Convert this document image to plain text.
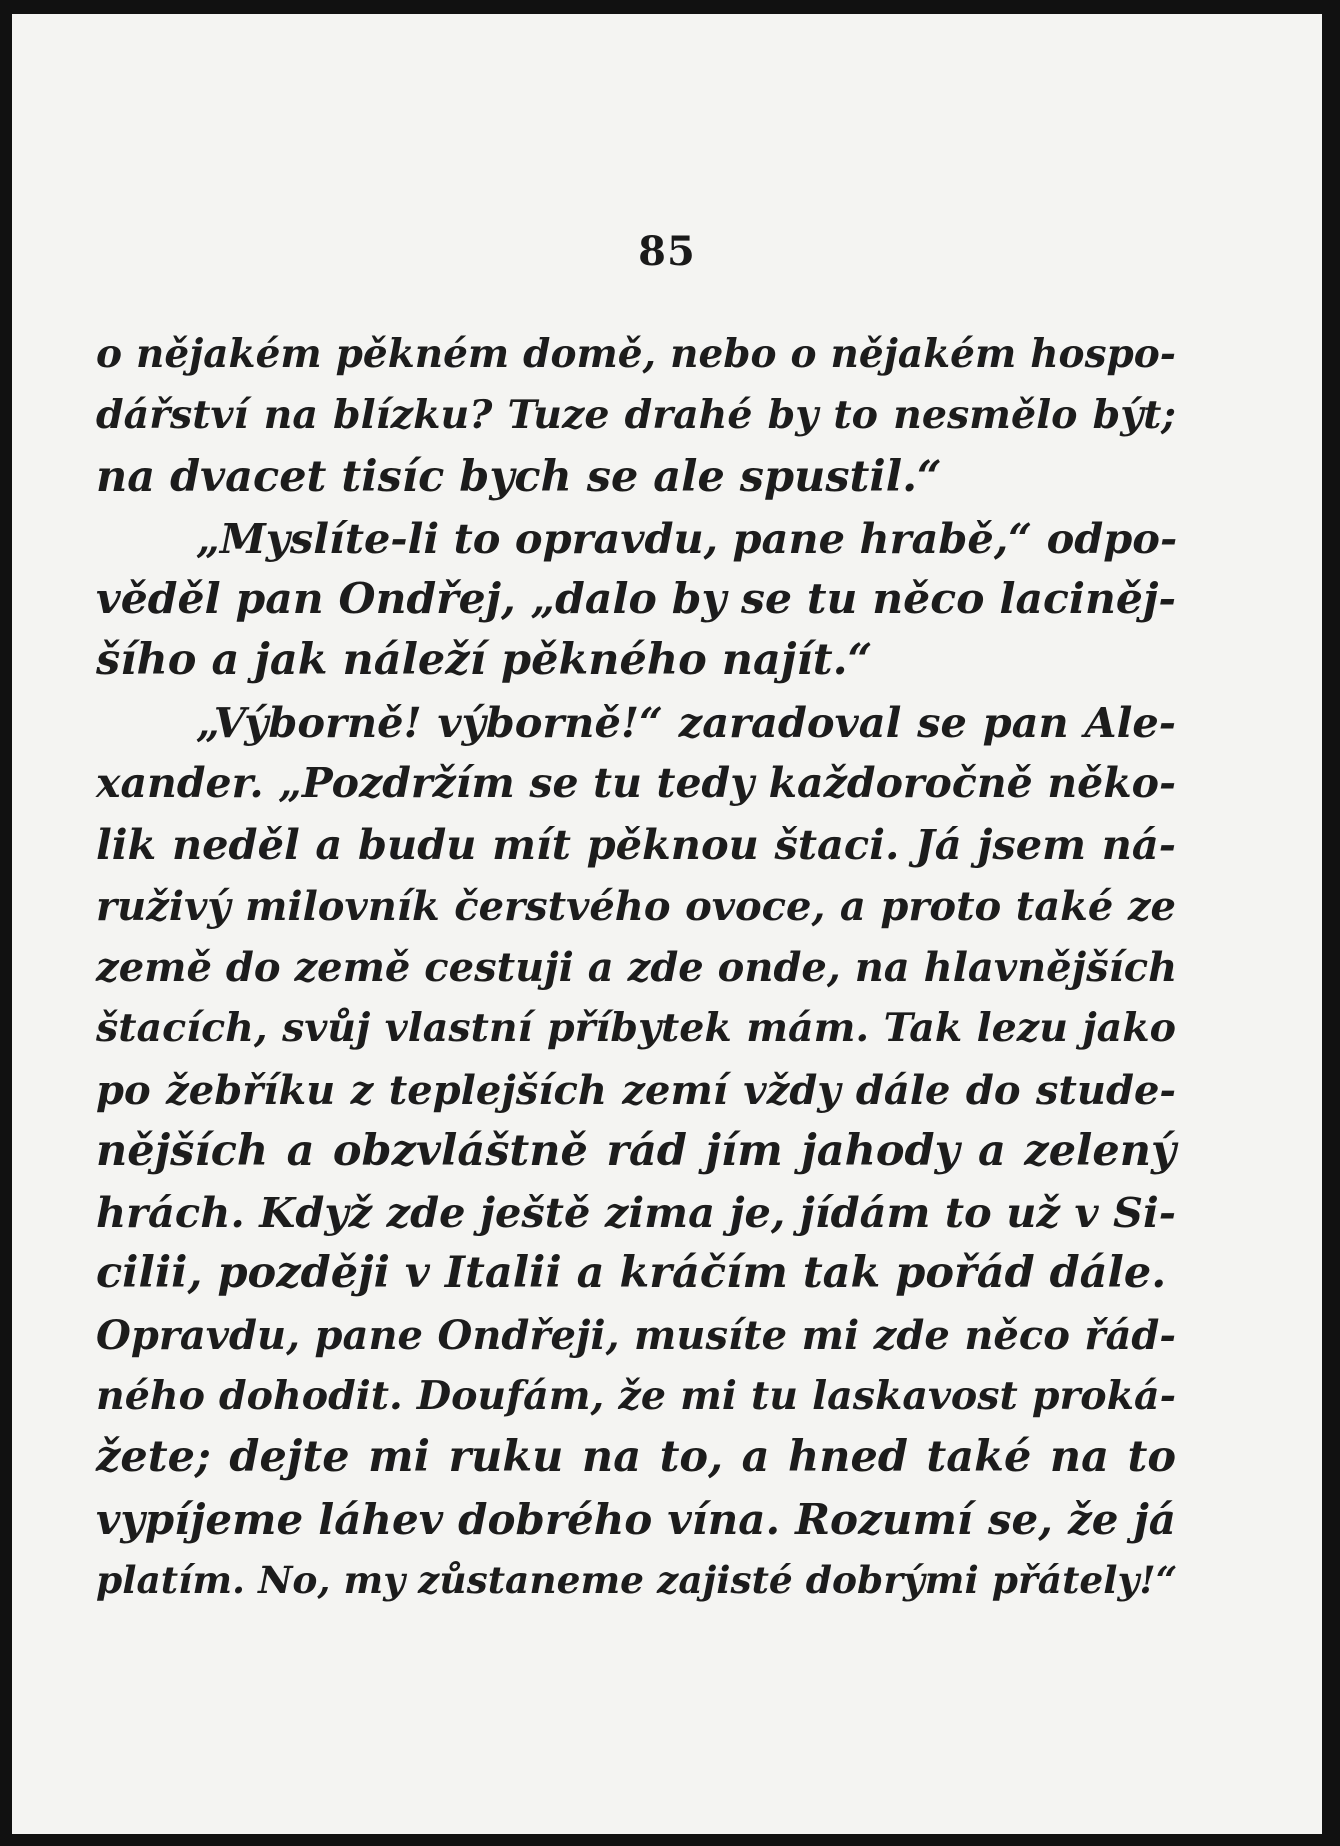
85
o nějakém pěkném domě, nebo o nějakém hospo-
dářství na blízku? Tuze drahé by to nesmělo být;
na dvacet tisíc bych se ale spustil.“
„Myslíte-li to opravdu, pane hrabě,“ odpo-
věděl pan Ondřej, „dalo by se tu něco laciněj-
šího a jak náleží pěkného najít.“
„Výborně! výborně!“ zaradoval se pan Ale-
xander. „Pozdržím se tu tedy každoročně něko-
lik neděl a budu mít pěknou štaci. Já jsem ná-
ruživý milovník čerstvého ovoce, a proto také ze
země do země cestuji a zde onde, na hlavnějších
štacích, svůj vlastní příbytek mám. Tak lezu jako
po žebříku z teplejších zemí vždy dále do stude-
nějších a obzvláštně rád jím jahody a zelený
hrách. Když zde ještě zima je, jídám to už v Si-
cilii, později v Italii a kráčím tak pořád dále.
Opravdu, pane Ondřeji, musíte mi zde něco řád-
ného dohodit. Doufám, že mi tu laskavost proká-
žete; dejte mi ruku na to, a hned také na to
vypíjeme láhev dobrého vína. Rozumí se, že já
platím. No, my zůstaneme zajisté dobrými přátely!“
